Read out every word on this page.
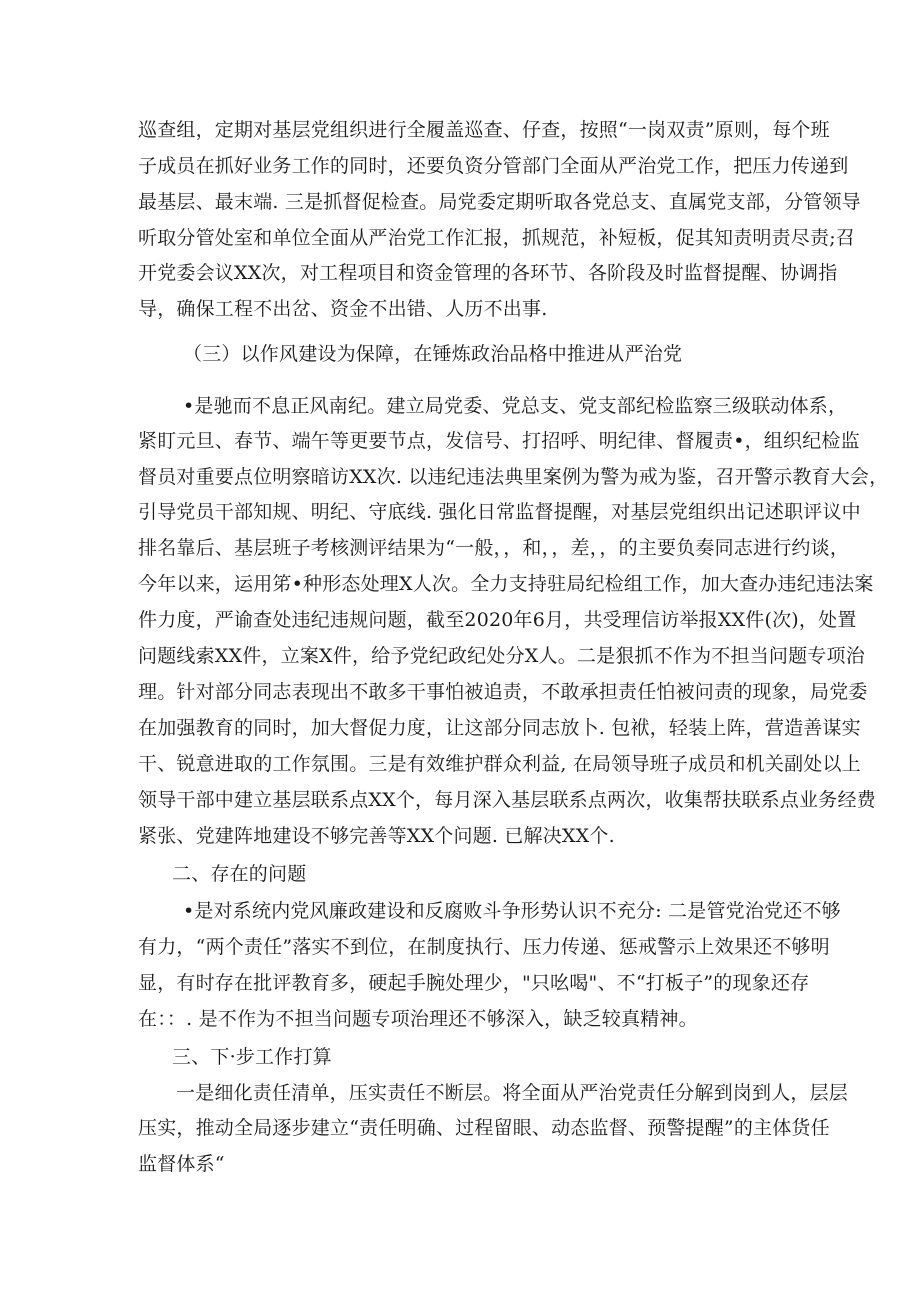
巡查组，定期对基层党组织进行全履盖巡查、仔查，按照“一岗双责”原则，每个班
子成员在抓好业务工作的同时，还要负资分管部门全面从严治党工作，把压力传递到
最基层、最末端. 三是抓督促检查。局党委定期听取各党总支、直属党支部，分管领导
听取分管处室和单位全面从严治党工作汇报，抓规范，补短板，促其知责明责尽责;召
开党委会议XX次，对工程项目和资金管理的各环节、各阶段及时监督提醒、协调指
导，确保工程不出岔、资金不出错、人历不出事.
（三）以作风建设为保障，在锤炼政治品格中推进从严治党
•是驰而不息正风南纪。建立局党委、党总支、党支部纪检监察三级联动体系，
紧盯元旦、春节、端午等更要节点，发信号、打招呼、明纪律、督履责•，组织纪检监
督员对重要点位明察暗访XX次. 以违纪违法典里案例为警为戒为鉴，召开警示教育大会，
引导党员干部知规、明纪、守底线. 强化日常监督提醒，对基层党组织出记述职评议中
排名靠后、基层班子考核测评结果为“一般，，和，，差，，的主要负奏同志进行约谈，
今年以来，运用笫•种形态处理X人次。全力支持驻局纪检组工作，加大查办违纪违法案
件力度，严谕查处违纪违规问题，截至2020年6月，共受理信访举报XX件(次)，处置
问题线索XX件，立案X件，给予党纪政纪处分X人。二是狠抓不作为不担当问题专项治
理。针对部分同志表现出不敢多干事怕被追责，不敢承担责任怕被问责的现象，局党委
在加强教育的同时，加大督促力度，让这部分同志放卜. 包袱，轻装上阵，营造善谋实
干、锐意进取的工作氛围。三是有效维护群众利益, 在局领导班子成员和机关副处以上
领导干部中建立基层联系点XX个，每月深入基层联系点两次，收集帮扶联系点业务经费
紧张、党建阵地建设不够完善等XX个问题. 已解决XX个.
二、存在的问题
•是对系统内党风廉政建设和反腐败斗争形势认识不充分: 二是管党治党还不够
有力，“两个责任”落实不到位，在制度执行、压力传递、惩戒警示上效果还不够明
显，有时存在批评教育多，硬起手腕处理少，"只吆喝"、不“打板子”的现象还存
在：：. 是不作为不担当问题专项治理还不够深入，缺乏较真精神。
三、下·步工作打算
一是细化责任清单，压实责任不断层。将全面从严治党责任分解到岗到人，层层
压实，推动全局逐步建立“责任明确、过程留眼、动态监督、预警提醒”的主体货任
监督体系“
